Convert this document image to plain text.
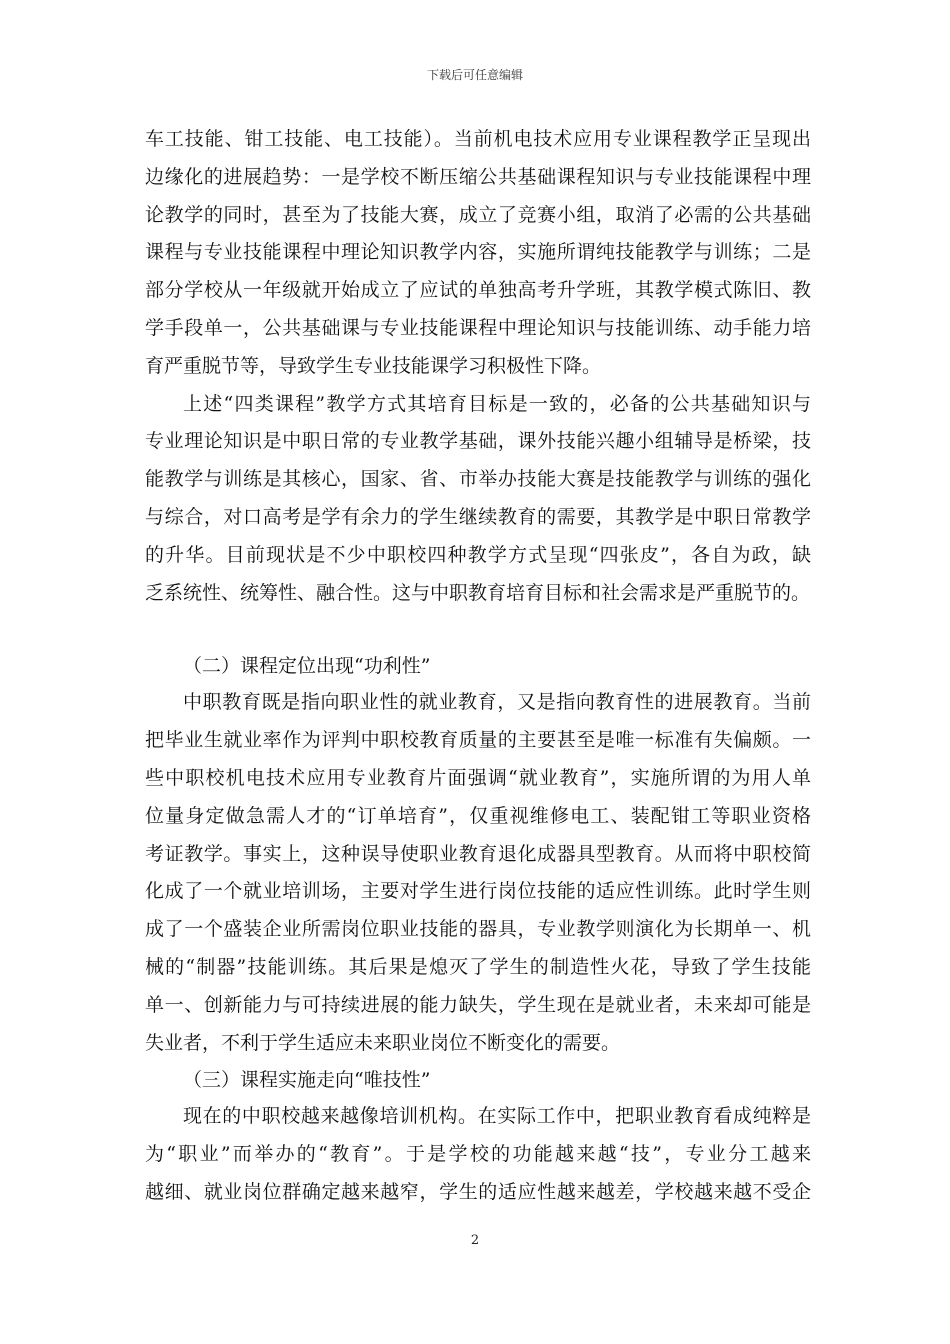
下载后可任意编辑
车工技能、钳工技能、电工技能）。当前机电技术应用专业课程教学正呈现出
边缘化的进展趋势：一是学校不断压缩公共基础课程知识与专业技能课程中理
论教学的同时，甚至为了技能大赛，成立了竞赛小组，取消了必需的公共基础
课程与专业技能课程中理论知识教学内容，实施所谓纯技能教学与训练；二是
部分学校从一年级就开始成立了应试的单独高考升学班，其教学模式陈旧、教
学手段单一，公共基础课与专业技能课程中理论知识与技能训练、动手能力培
育严重脱节等，导致学生专业技能课学习积极性下降。
上述“四类课程”教学方式其培育目标是一致的，必备的公共基础知识与
专业理论知识是中职日常的专业教学基础，课外技能兴趣小组辅导是桥梁，技
能教学与训练是其核心，国家、省、市举办技能大赛是技能教学与训练的强化
与综合，对口高考是学有余力的学生继续教育的需要，其教学是中职日常教学
的升华。目前现状是不少中职校四种教学方式呈现“四张皮”，各自为政，缺
乏系统性、统筹性、融合性。这与中职教育培育目标和社会需求是严重脱节的。
（二）课程定位出现“功利性”
中职教育既是指向职业性的就业教育，又是指向教育性的进展教育。当前
把毕业生就业率作为评判中职校教育质量的主要甚至是唯一标准有失偏颇。一
些中职校机电技术应用专业教育片面强调“就业教育”，实施所谓的为用人单
位量身定做急需人才的“订单培育”，仅重视维修电工、装配钳工等职业资格
考证教学。事实上，这种误导使职业教育退化成器具型教育。从而将中职校简
化成了一个就业培训场，主要对学生进行岗位技能的适应性训练。此时学生则
成了一个盛装企业所需岗位职业技能的器具，专业教学则演化为长期单一、机
械的“制器”技能训练。其后果是熄灭了学生的制造性火花，导致了学生技能
单一、创新能力与可持续进展的能力缺失，学生现在是就业者，未来却可能是
失业者，不利于学生适应未来职业岗位不断变化的需要。
（三）课程实施走向“唯技性”
现在的中职校越来越像培训机构。在实际工作中，把职业教育看成纯粹是
为“职业”而举办的“教育”。于是学校的功能越来越“技”，专业分工越来
越细、就业岗位群确定越来越窄，学生的适应性越来越差，学校越来越不受企
2
